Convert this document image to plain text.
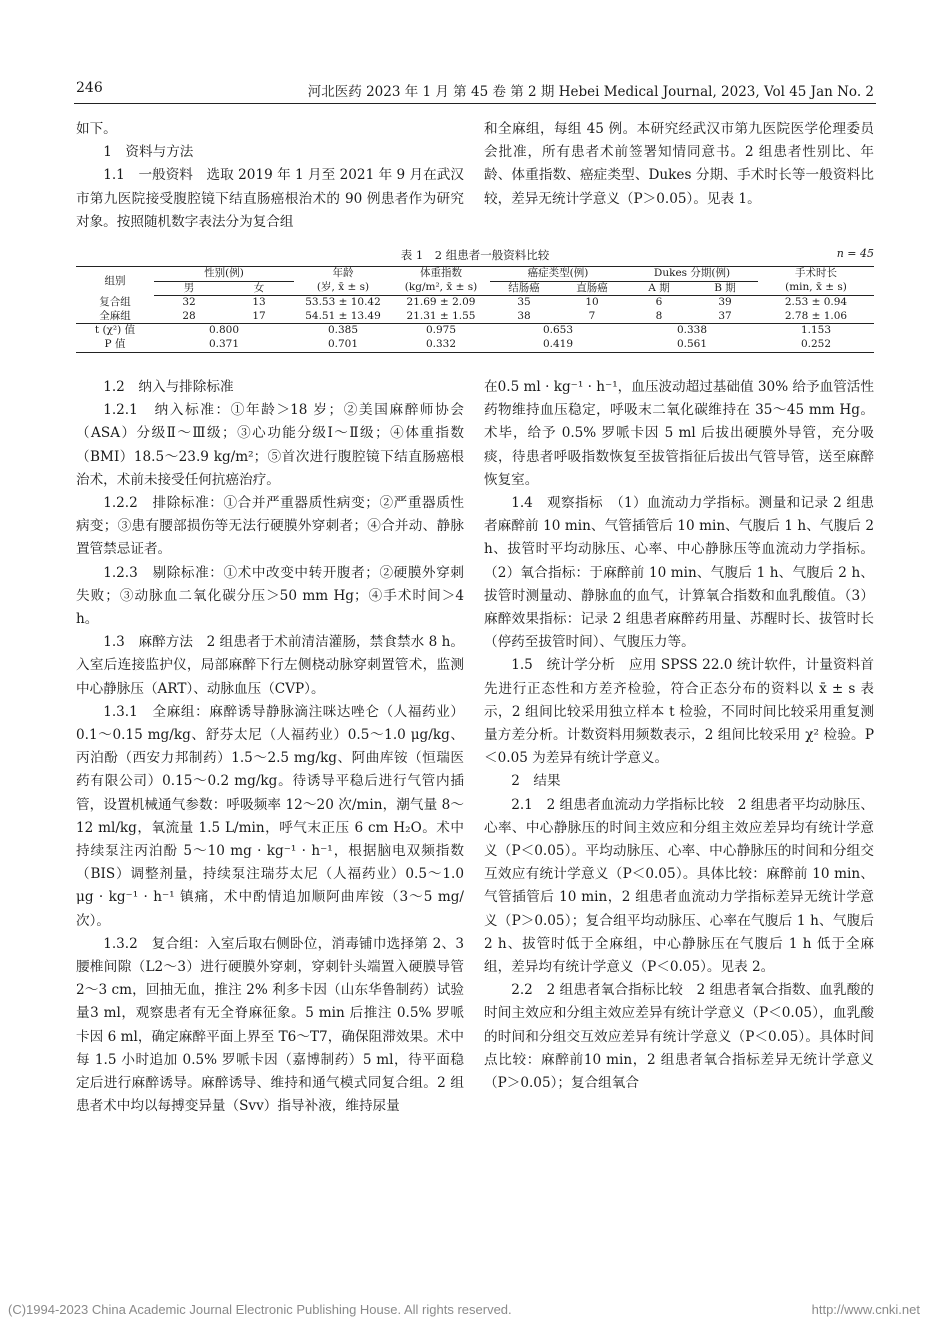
246	河北医药 2023 年 1 月 第 45 卷 第 2 期 Hebei Medical Journal, 2023, Vol 45 Jan No. 2

如下。

1　资料与方法

1.1　一般资料　选取 2019 年 1 月至 2021 年 9 月在武汉市第九医院接受腹腔镜下结直肠癌根治术的 90 例患者作为研究对象。按照随机数字表法分为复合组

和全麻组，每组 45 例。本研究经武汉市第九医院医学伦理委员会批准，所有患者术前签署知情同意书。2 组患者性别比、年龄、体重指数、癌症类型、Dukes 分期、手术时长等一般资料比较，差异无统计学意义（P＞0.05）。见表 1。

表 1　2 组患者一般资料比较	n = 45
组别	性别(例)		年龄	体重指数	癌症类型(例)		Dukes 分期(例)		手术时长
	男	女	(岁, x̄ ± s)	(kg/m², x̄ ± s)	结肠癌	直肠癌	A 期	B 期	(min, x̄ ± s)
复合组	32	13	53.53 ± 10.42	21.69 ± 2.09	35	10	6	39	2.53 ± 0.94
全麻组	28	17	54.51 ± 13.49	21.31 ± 1.55	38	7	8	37	2.78 ± 1.06
t (χ²) 值	0.800		0.385	0.975	0.653		0.338		1.153
P 值	0.371		0.701	0.332	0.419		0.561		0.252

1.2　纳入与排除标准

1.2.1　纳入标准：①年龄＞18 岁；②美国麻醉师协会（ASA）分级Ⅱ～Ⅲ级；③心功能分级Ⅰ～Ⅱ级；④体重指数（BMI）18.5～23.9 kg/m²；⑤首次进行腹腔镜下结直肠癌根治术，术前未接受任何抗癌治疗。

1.2.2　排除标准：①合并严重器质性病变；②严重器质性病变；③患有腰部损伤等无法行硬膜外穿刺者；④合并动、静脉置管禁忌证者。

1.2.3　剔除标准：①术中改变中转开腹者；②硬膜外穿刺失败；③动脉血二氧化碳分压＞50 mm Hg；④手术时间＞4 h。

1.3　麻醉方法　2 组患者于术前清洁灌肠，禁食禁水 8 h。入室后连接监护仪，局部麻醉下行左侧桡动脉穿刺置管术，监测中心静脉压（ART）、动脉血压（CVP）。

1.3.1　全麻组：麻醉诱导静脉滴注咪达唑仑（人福药业）0.1～0.15 mg/kg、舒芬太尼（人福药业）0.5～1.0 μg/kg、丙泊酚（西安力邦制药）1.5～2.5 mg/kg、阿曲库铵（恒瑞医药有限公司）0.15～0.2 mg/kg。待诱导平稳后进行气管内插管，设置机械通气参数：呼吸频率 12～20 次/min，潮气量 8～12 ml/kg，氧流量 1.5 L/min，呼气末正压 6 cm H₂O。术中持续泵注丙泊酚 5～10 mg · kg⁻¹ · h⁻¹，根据脑电双频指数（BIS）调整剂量，持续泵注瑞芬太尼（人福药业）0.5～1.0 μg · kg⁻¹ · h⁻¹ 镇痛，术中酌情追加顺阿曲库铵（3～5 mg/次）。

1.3.2　复合组：入室后取右侧卧位，消毒铺巾选择第 2、3 腰椎间隙（L2～3）进行硬膜外穿刺，穿刺针头端置入硬膜导管 2～3 cm，回抽无血，推注 2% 利多卡因（山东华鲁制药）试验量3 ml，观察患者有无全脊麻征象。5 min 后推注 0.5% 罗哌卡因 6 ml，确定麻醉平面上界至 T6～T7，确保阻滞效果。术中每 1.5 小时追加 0.5% 罗哌卡因（嘉博制药）5 ml，待平面稳定后进行麻醉诱导。麻醉诱导、维持和通气模式同复合组。2 组患者术中均以每搏变异量（Svv）指导补液，维持尿量

在0.5 ml · kg⁻¹ · h⁻¹，血压波动超过基础值 30% 给予血管活性药物维持血压稳定，呼吸末二氧化碳维持在 35～45 mm Hg。术毕，给予 0.5% 罗哌卡因 5 ml 后拔出硬膜外导管，充分吸痰，待患者呼吸指数恢复至拔管指征后拔出气管导管，送至麻醉恢复室。

1.4　观察指标　（1）血流动力学指标。测量和记录 2 组患者麻醉前 10 min、气管插管后 10 min、气腹后 1 h、气腹后 2 h、拔管时平均动脉压、心率、中心静脉压等血流动力学指标。（2）氧合指标：于麻醉前 10 min、气腹后 1 h、气腹后 2 h、拔管时测量动、静脉血的血气，计算氧合指数和血乳酸值。（3）麻醉效果指标：记录 2 组患者麻醉药用量、苏醒时长、拔管时长（停药至拔管时间）、气腹压力等。

1.5　统计学分析　应用 SPSS 22.0 统计软件，计量资料首先进行正态性和方差齐检验，符合正态分布的资料以 x̄ ± s 表示，2 组间比较采用独立样本 t 检验，不同时间比较采用重复测量方差分析。计数资料用频数表示，2 组间比较采用 χ² 检验。P＜0.05 为差异有统计学意义。

2　结果

2.1　2 组患者血流动力学指标比较　2 组患者平均动脉压、心率、中心静脉压的时间主效应和分组主效应差异均有统计学意义（P＜0.05）。平均动脉压、心率、中心静脉压的时间和分组交互效应有统计学意义（P＜0.05）。具体比较：麻醉前 10 min、气管插管后 10 min，2 组患者血流动力学指标差异无统计学意义（P＞0.05）；复合组平均动脉压、心率在气腹后 1 h、气腹后 2 h、拔管时低于全麻组，中心静脉压在气腹后 1 h 低于全麻组，差异均有统计学意义（P＜0.05）。见表 2。

2.2　2 组患者氧合指标比较　2 组患者氧合指数、血乳酸的时间主效应和分组主效应差异有统计学意义（P＜0.05），血乳酸的时间和分组交互效应差异有统计学意义（P＜0.05）。具体时间点比较：麻醉前10 min，2 组患者氧合指标差异无统计学意义（P＞0.05）；复合组氧合

(C)1994-2023 China Academic Journal Electronic Publishing House. All rights reserved.	http://www.cnki.net
